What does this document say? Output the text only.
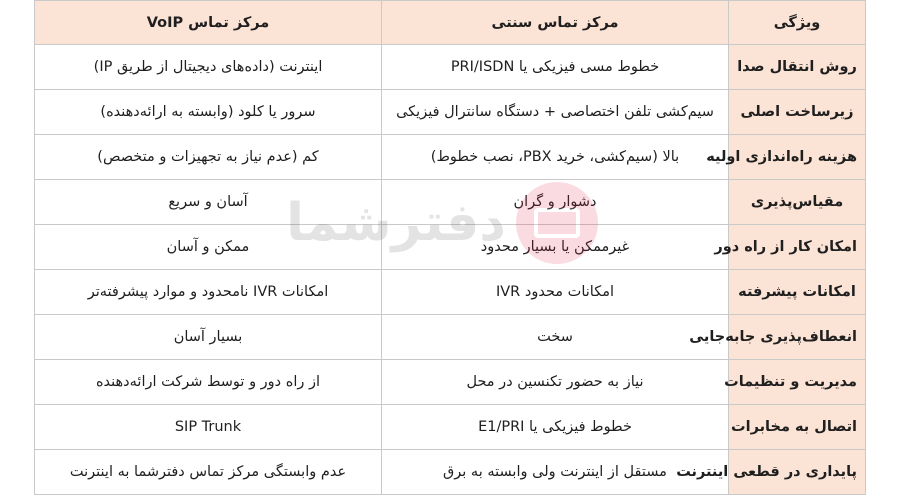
ویژگی	مرکز تماس سنتی	مرکز تماس VoIP
روش انتقال صدا	خطوط مسی فیزیکی یا PRI/ISDN	اینترنت (داده‌های دیجیتال از طریق IP)
زیرساخت اصلی	سیم‌کشی تلفن اختصاصی + دستگاه سانترال فیزیکی	سرور یا کلود (وابسته به ارائه‌دهنده)
هزینه راه‌اندازی اولیه	بالا (سیم‌کشی، خرید PBX، نصب خطوط)	کم (عدم نیاز به تجهیزات و متخصص)
مقیاس‌پذیری	دشوار و گران	آسان و سریع
امکان کار از راه دور	غیرممکن یا بسیار محدود	ممکن و آسان
امکانات پیشرفته	امکانات محدود IVR	امکانات IVR نامحدود و موارد پیشرفته‌تر
انعطاف‌پذیری جابه‌جایی	سخت	بسیار آسان
مدیریت و تنظیمات	نیاز به حضور تکنسین در محل	از راه دور و توسط شرکت ارائه‌دهنده
اتصال به مخابرات	خطوط فیزیکی یا E1/PRI	SIP Trunk
پایداری در قطعی اینترنت	مستقل از اینترنت ولی وابسته به برق	عدم وابستگی مرکز تماس دفترشما به اینترنت
دفترشما
